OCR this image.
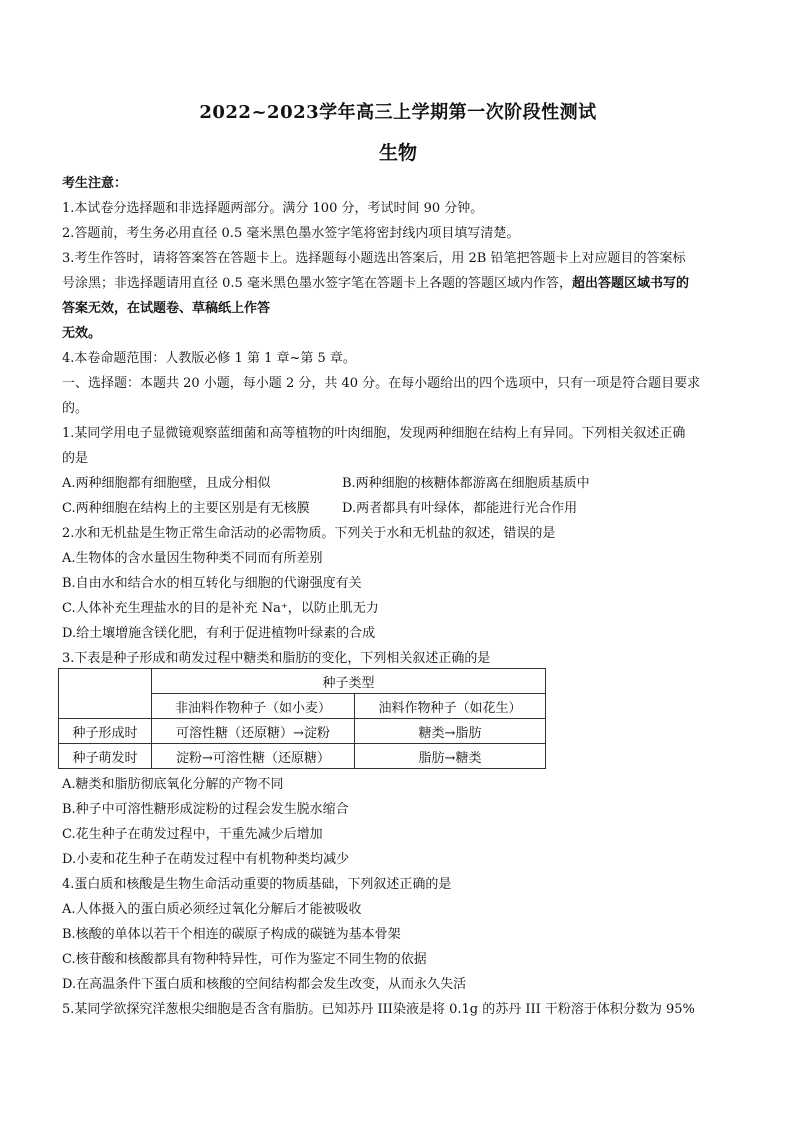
2022~2023学年高三上学期第一次阶段性测试
生物
考生注意：
1.本试卷分选择题和非选择题两部分。满分 100 分，考试时间 90 分钟。
2.答题前，考生务必用直径 0.5 毫米黑色墨水签字笔将密封线内项目填写清楚。
3.考生作答时，请将答案答在答题卡上。选择题每小题选出答案后，用 2B 铅笔把答题卡上对应题目的答案标
号涂黑；非选择题请用直径 0.5 毫米黑色墨水签字笔在答题卡上各题的答题区域内作答，超出答题区域书写的
答案无效，在试题卷、草稿纸上作答
无效。
4.本卷命题范围：人教版必修 1 第 1 章~第 5 章。
一、选择题：本题共 20 小题，每小题 2 分，共 40 分。在每小题给出的四个选项中，只有一项是符合题目要求
的。
1.某同学用电子显微镜观察蓝细菌和高等植物的叶肉细胞，发现两种细胞在结构上有异同。下列相关叙述正确
的是
A.两种细胞都有细胞壁，且成分相似	B.两种细胞的核糖体都游离在细胞质基质中
C.两种细胞在结构上的主要区别是有无核膜 D.两者都具有叶绿体，都能进行光合作用
2.水和无机盐是生物正常生命活动的必需物质。下列关于水和无机盐的叙述，错误的是
A.生物体的含水量因生物种类不同而有所差别
B.自由水和结合水的相互转化与细胞的代谢强度有关
C.人体补充生理盐水的目的是补充 Na⁺，以防止肌无力
D.给土壤增施含镁化肥，有利于促进植物叶绿素的合成
3.下表是种子形成和萌发过程中糖类和脂肪的变化，下列相关叙述正确的是
	种子类型	
	非油料作物种子（如小麦）	油料作物种子（如花生）
种子形成时	可溶性糖（还原糖）→淀粉	糖类→脂肪
种子萌发时	淀粉→可溶性糖（还原糖）	脂肪→糖类
A.糖类和脂肪彻底氧化分解的产物不同
B.种子中可溶性糖形成淀粉的过程会发生脱水缩合
C.花生种子在萌发过程中，干重先减少后增加
D.小麦和花生种子在萌发过程中有机物种类均减少
4.蛋白质和核酸是生物生命活动重要的物质基础，下列叙述正确的是
A.人体摄入的蛋白质必须经过氧化分解后才能被吸收
B.核酸的单体以若干个相连的碳原子构成的碳链为基本骨架
C.核苷酸和核酸都具有物种特异性，可作为鉴定不同生物的依据
D.在高温条件下蛋白质和核酸的空间结构都会发生改变，从而永久失活
5.某同学欲探究洋葱根尖细胞是否含有脂肪。已知苏丹 III染液是将 0.1g 的苏丹 III 干粉溶于体积分数为 95%
